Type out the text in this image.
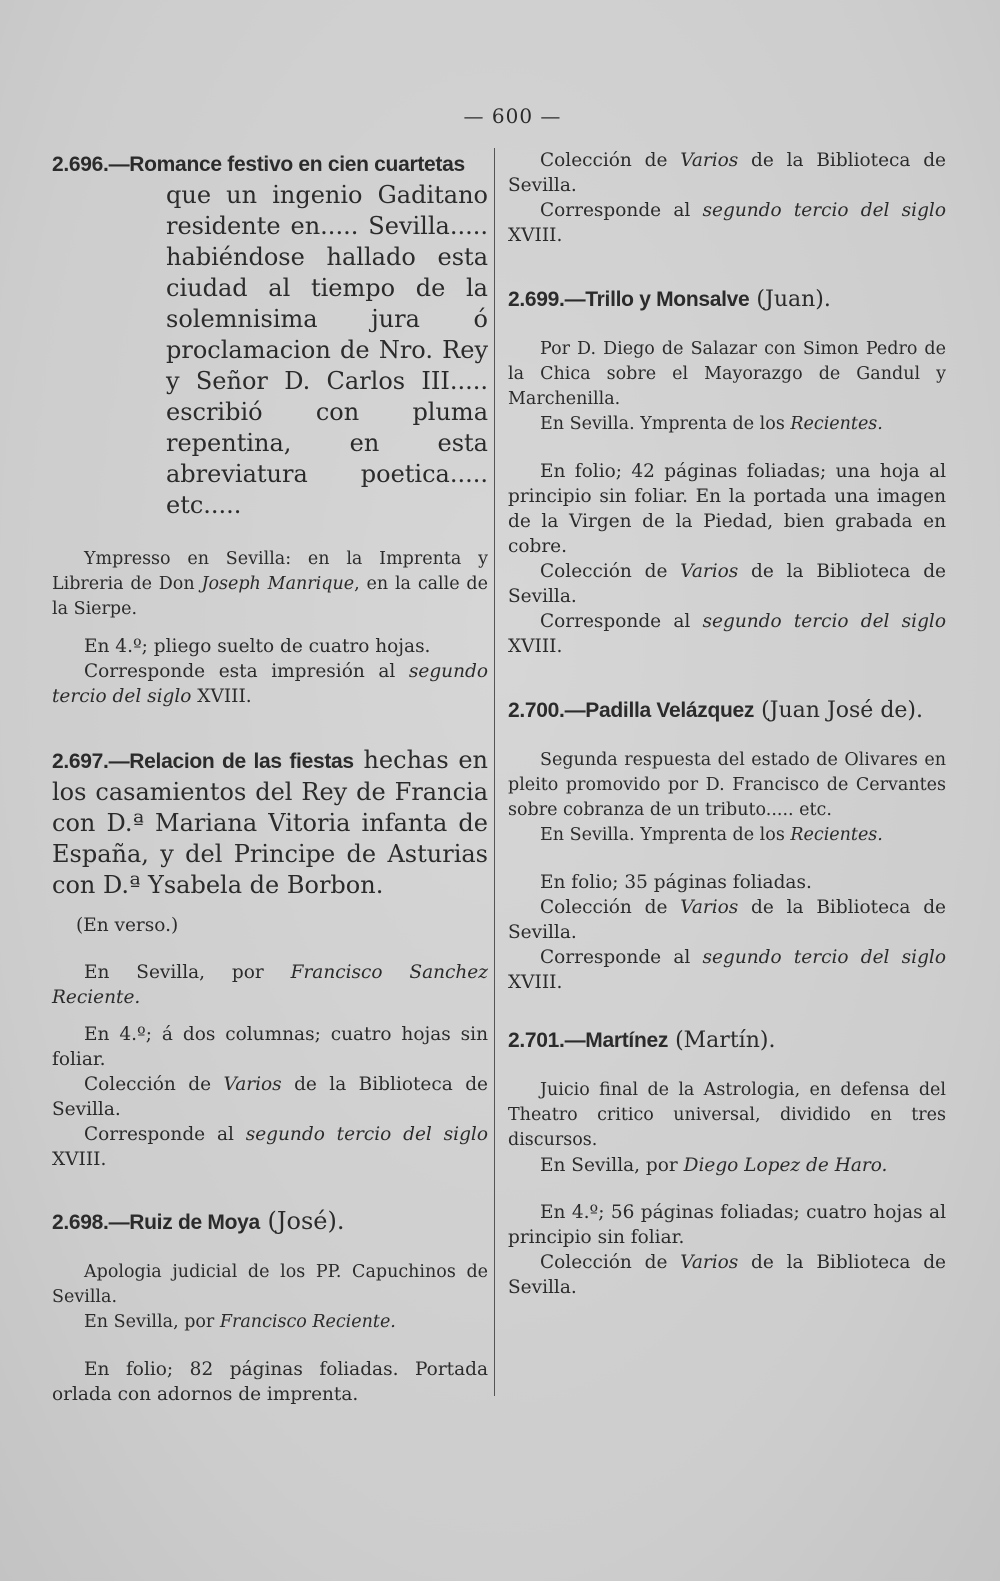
— 600 —

2.696.—Romance festivo en cien cuartetas
que un ingenio Gaditano residente en..... Sevilla..... habiéndose hallado esta ciudad al tiempo de la solemnisima jura ó proclamacion de Nro. Rey y Señor D. Carlos III..... escribió con pluma repentina, en esta abreviatura poetica..... etc.....

Ympresso en Sevilla: en la Imprenta y Libreria de Don Joseph Manrique, en la calle de la Sierpe.

En 4.º; pliego suelto de cuatro hojas.

Corresponde esta impresión al segundo tercio del siglo XVIII.

2.697.—Relacion de las fiestas hechas en los casamientos del Rey de Francia con D.ª Mariana Vitoria infanta de España, y del Principe de Asturias con D.ª Ysabela de Borbon.

(En verso.)

En Sevilla, por Francisco Sanchez Reciente.

En 4.º; á dos columnas; cuatro hojas sin foliar.

Colección de Varios de la Biblioteca de Sevilla.

Corresponde al segundo tercio del siglo XVIII.

2.698.—Ruiz de Moya (José).

Apologia judicial de los PP. Capuchinos de Sevilla.

En Sevilla, por Francisco Reciente.

En folio; 82 páginas foliadas. Portada orlada con adornos de imprenta.

Colección de Varios de la Biblioteca de Sevilla.

Corresponde al segundo tercio del siglo XVIII.

2.699.—Trillo y Monsalve (Juan).

Por D. Diego de Salazar con Simon Pedro de la Chica sobre el Mayorazgo de Gandul y Marchenilla.

En Sevilla. Ymprenta de los Recientes.

En folio; 42 páginas foliadas; una hoja al principio sin foliar. En la portada una imagen de la Virgen de la Piedad, bien grabada en cobre.

Colección de Varios de la Biblioteca de Sevilla.

Corresponde al segundo tercio del siglo XVIII.

2.700.—Padilla Velázquez (Juan José de).

Segunda respuesta del estado de Olivares en pleito promovido por D. Francisco de Cervantes sobre cobranza de un tributo..... etc.

En Sevilla. Ymprenta de los Recientes.

En folio; 35 páginas foliadas.

Colección de Varios de la Biblioteca de Sevilla.

Corresponde al segundo tercio del siglo XVIII.

2.701.—Martínez (Martín).

Juicio final de la Astrologia, en defensa del Theatro critico universal, dividido en tres discursos.

En Sevilla, por Diego Lopez de Haro.

En 4.º; 56 páginas foliadas; cuatro hojas al principio sin foliar.

Colección de Varios de la Biblioteca de Sevilla.
